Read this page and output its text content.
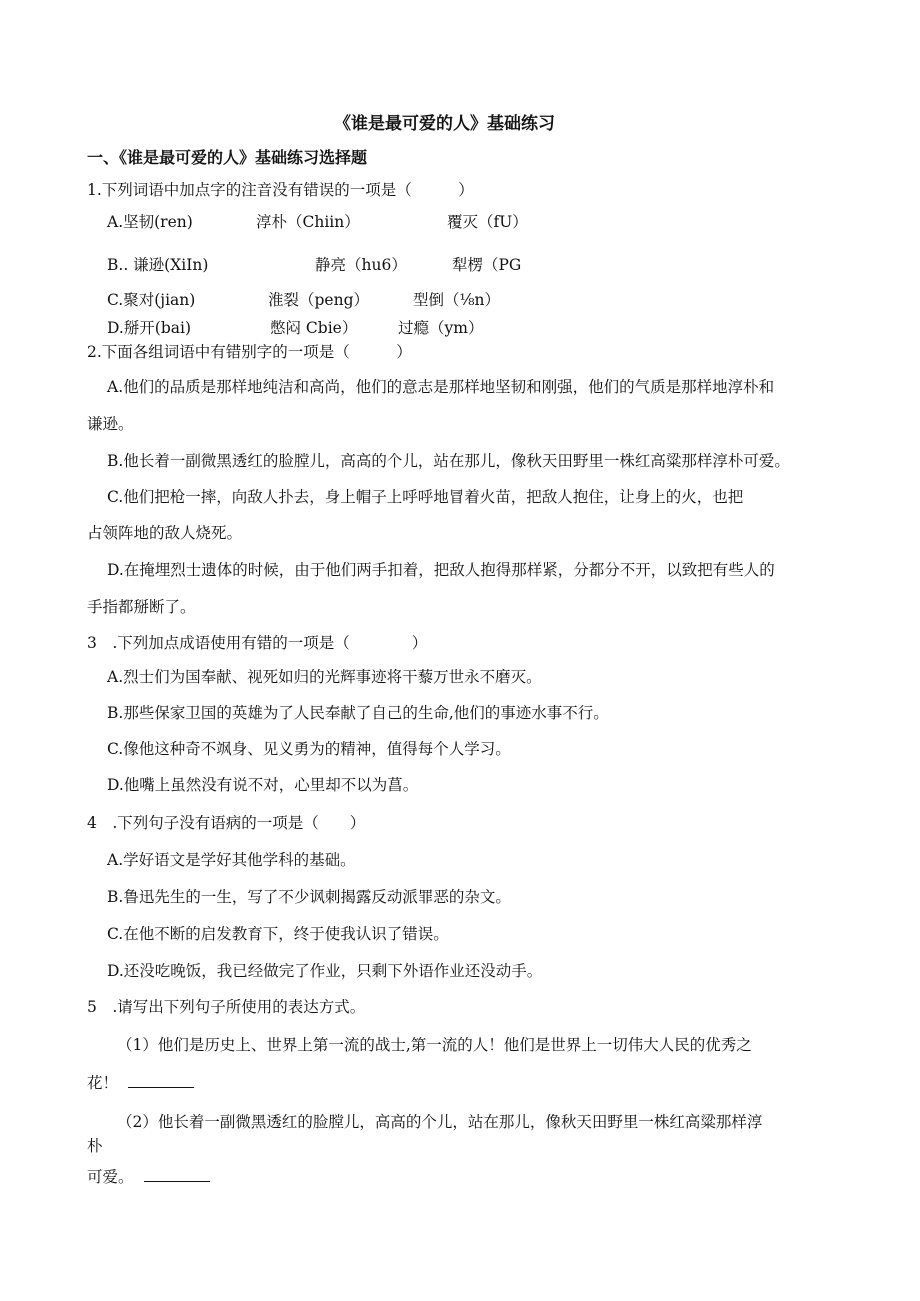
《谁是最可爱的人》基础练习
一、《谁是最可爱的人》基础练习选择题
1.下列词语中加点字的注音没有错误的一项是（　　　）
A.坚韧(ren)	淳朴（Chiin）	覆灭（fU）
B.. 谦逊(XiIn)	静亮（hu6）	犁楞（PG
C.聚对(jian)	淮裂（peng）	型倒（⅛n）
D.掰开(bai)	憋闷 Cbie）	过瘾（ym）
2.下面各组词语中有错别字的一项是（　　　）
A.他们的品质是那样地纯洁和高尚，他们的意志是那样地坚韧和刚强，他们的气质是那样地淳朴和
谦逊。
B.他长着一副微黑透红的脸膛儿，高高的个儿，站在那儿，像秋天田野里一株红高粱那样淳朴可爱。
C.他们把枪一摔，向敌人扑去，身上帽子上呼呼地冒着火苗，把敌人抱住，让身上的火，也把
占领阵地的敌人烧死。
D.在掩埋烈士遗体的时候，由于他们两手扣着，把敌人抱得那样紧，分都分不开，以致把有些人的
手指都掰断了。
3　.下列加点成语使用有错的一项是（　　　　）
A.烈士们为国奉献、视死如归的光辉事迹将干藜万世永不磨灭。
B.那些保家卫国的英雄为了人民奉献了自己的生命,他们的事迹水事不行。
C.像他这种奇不飒身、见义勇为的精神，值得每个人学习。
D.他嘴上虽然没有说不对，心里却不以为菖。
4　.下列句子没有语病的一项是（　　）
A.学好语文是学好其他学科的基础。
B.鲁迅先生的一生，写了不少讽刺揭露反动派罪恶的杂文。
C.在他不断的启发教育下，终于使我认识了错误。
D.还没吃晚饭，我已经做完了作业，只剩下外语作业还没动手。
5　.请写出下列句子所使用的表达方式。
（1）他们是历史上、世界上第一流的战士,第一流的人！他们是世界上一切伟大人民的优秀之
花！
（2）他长着一副微黑透红的脸膛儿，高高的个儿，站在那儿，像秋天田野里一株红高粱那样淳
朴
可爱。
